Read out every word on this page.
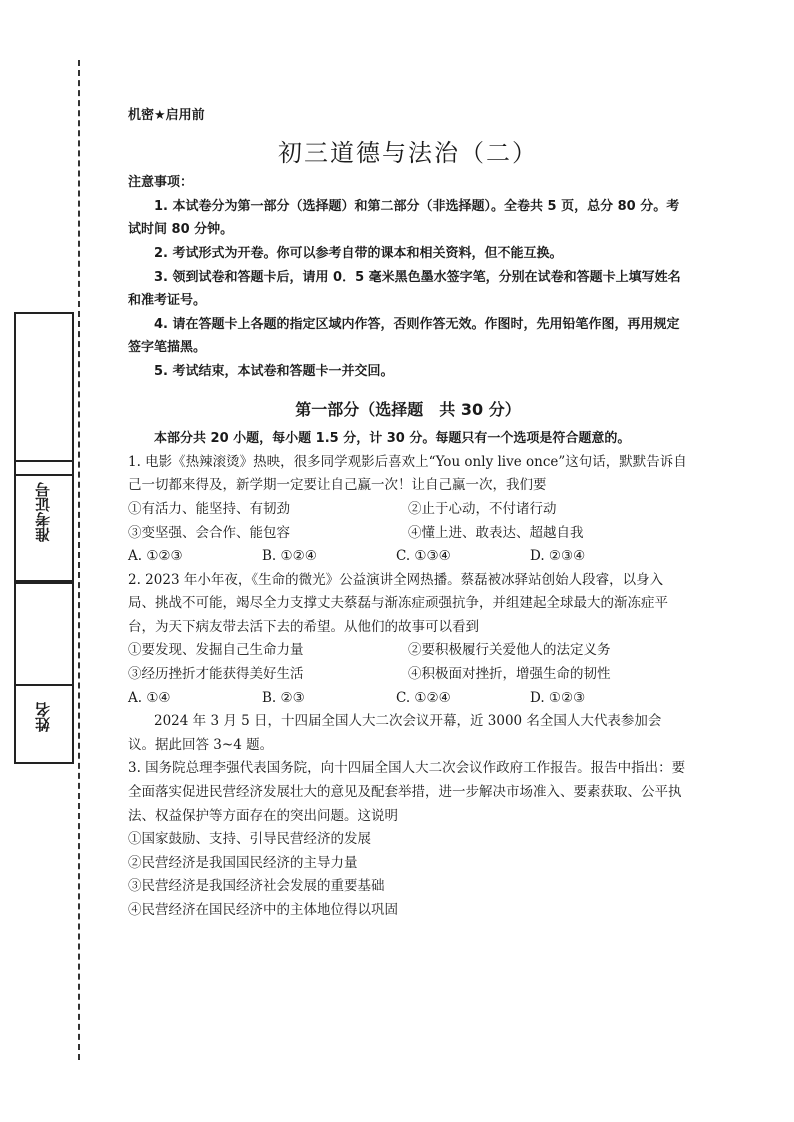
准考证号
姓名
机密★启用前
初三道德与法治（二）

注意事项：

1. 本试卷分为第一部分（选择题）和第二部分（非选择题）。全卷共 5 页，总分 80 分。考试时间 80 分钟。

2. 考试形式为开卷。你可以参考自带的课本和相关资料，但不能互换。

3. 领到试卷和答题卡后，请用 0．5 毫米黑色墨水签字笔，分别在试卷和答题卡上填写姓名和准考证号。

4. 请在答题卡上各题的指定区域内作答，否则作答无效。作图时，先用铅笔作图，再用规定签字笔描黑。

5. 考试结束，本试卷和答题卡一并交回。

第一部分（选择题　共 30 分）

本部分共 20 小题，每小题 1.5 分，计 30 分。每题只有一个选项是符合题意的。

1. 电影《热辣滚烫》热映，很多同学观影后喜欢上“You only live once”这句话，默默告诉自己一切都来得及，新学期一定要让自己赢一次！让自己赢一次，我们要

①有活力、能坚持、有韧劲	②止于心动，不付诸行动
③变坚强、会合作、能包容	④懂上进、敢表达、超越自我
A. ①②③	B. ①②④	C. ①③④	D. ②③④

2. 2023 年小年夜，《生命的微光》公益演讲全网热播。蔡磊被冰驿站创始人段睿，以身入局、挑战不可能，竭尽全力支撑丈夫蔡磊与渐冻症顽强抗争，并组建起全球最大的渐冻症平台，为天下病友带去活下去的希望。从他们的故事可以看到

①要发现、发掘自己生命力量	②要积极履行关爱他人的法定义务
③经历挫折才能获得美好生活	④积极面对挫折，增强生命的韧性
A. ①④	B. ②③	C. ①②④	D. ①②③

2024 年 3 月 5 日，十四届全国人大二次会议开幕，近 3000 名全国人大代表参加会议。据此回答 3~4 题。

3. 国务院总理李强代表国务院，向十四届全国人大二次会议作政府工作报告。报告中指出：要全面落实促进民营经济发展壮大的意见及配套举措，进一步解决市场准入、要素获取、公平执法、权益保护等方面存在的突出问题。这说明

①国家鼓励、支持、引导民营经济的发展

②民营经济是我国国民经济的主导力量

③民营经济是我国经济社会发展的重要基础

④民营经济在国民经济中的主体地位得以巩固
